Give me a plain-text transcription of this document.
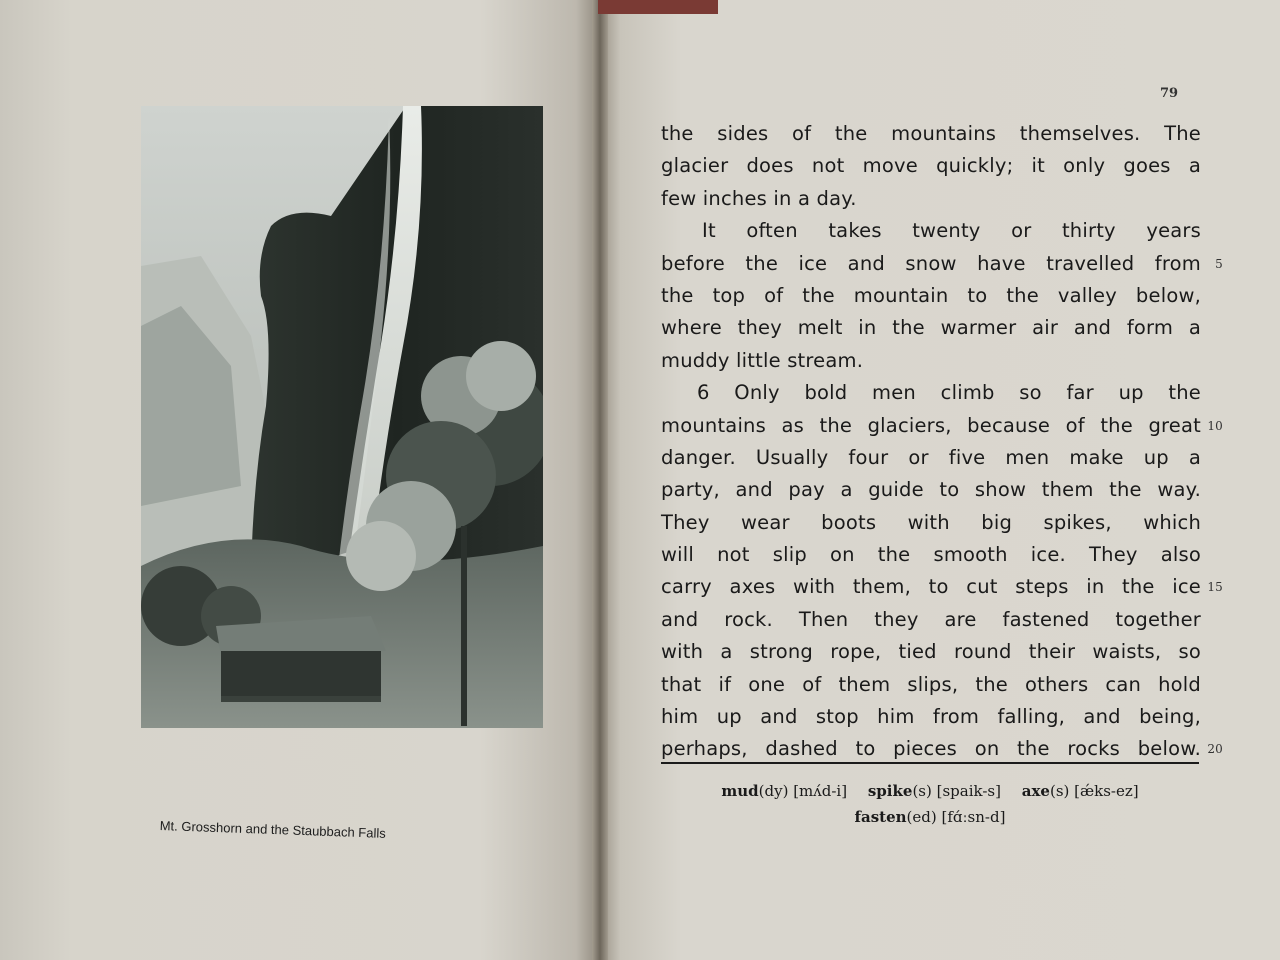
Mt. Grosshorn and the Staubbach Falls
79
the sides of the mountains themselves. The
glacier does not move quickly; it only goes a
few inches in a day.
It often takes twenty or thirty years
before the ice and snow have travelled from 5
the top of the mountain to the valley below,
where they melt in the warmer air and form a
muddy little stream.
6 Only bold men climb so far up the
mountains as the glaciers, because of the great 10
danger. Usually four or five men make up a
party, and pay a guide to show them the way.
They wear boots with big spikes, which
will not slip on the smooth ice. They also
carry axes with them, to cut steps in the ice 15
and rock. Then they are fastened together
with a strong rope, tied round their waists, so
that if one of them slips, the others can hold
him up and stop him from falling, and being,
perhaps, dashed to pieces on the rocks below. 20
mud(dy) [mʌ́d-i] spike(s) [spaik-s] axe(s) [ǽks-ez]
fasten(ed) [fɑ́ːsn-d]
